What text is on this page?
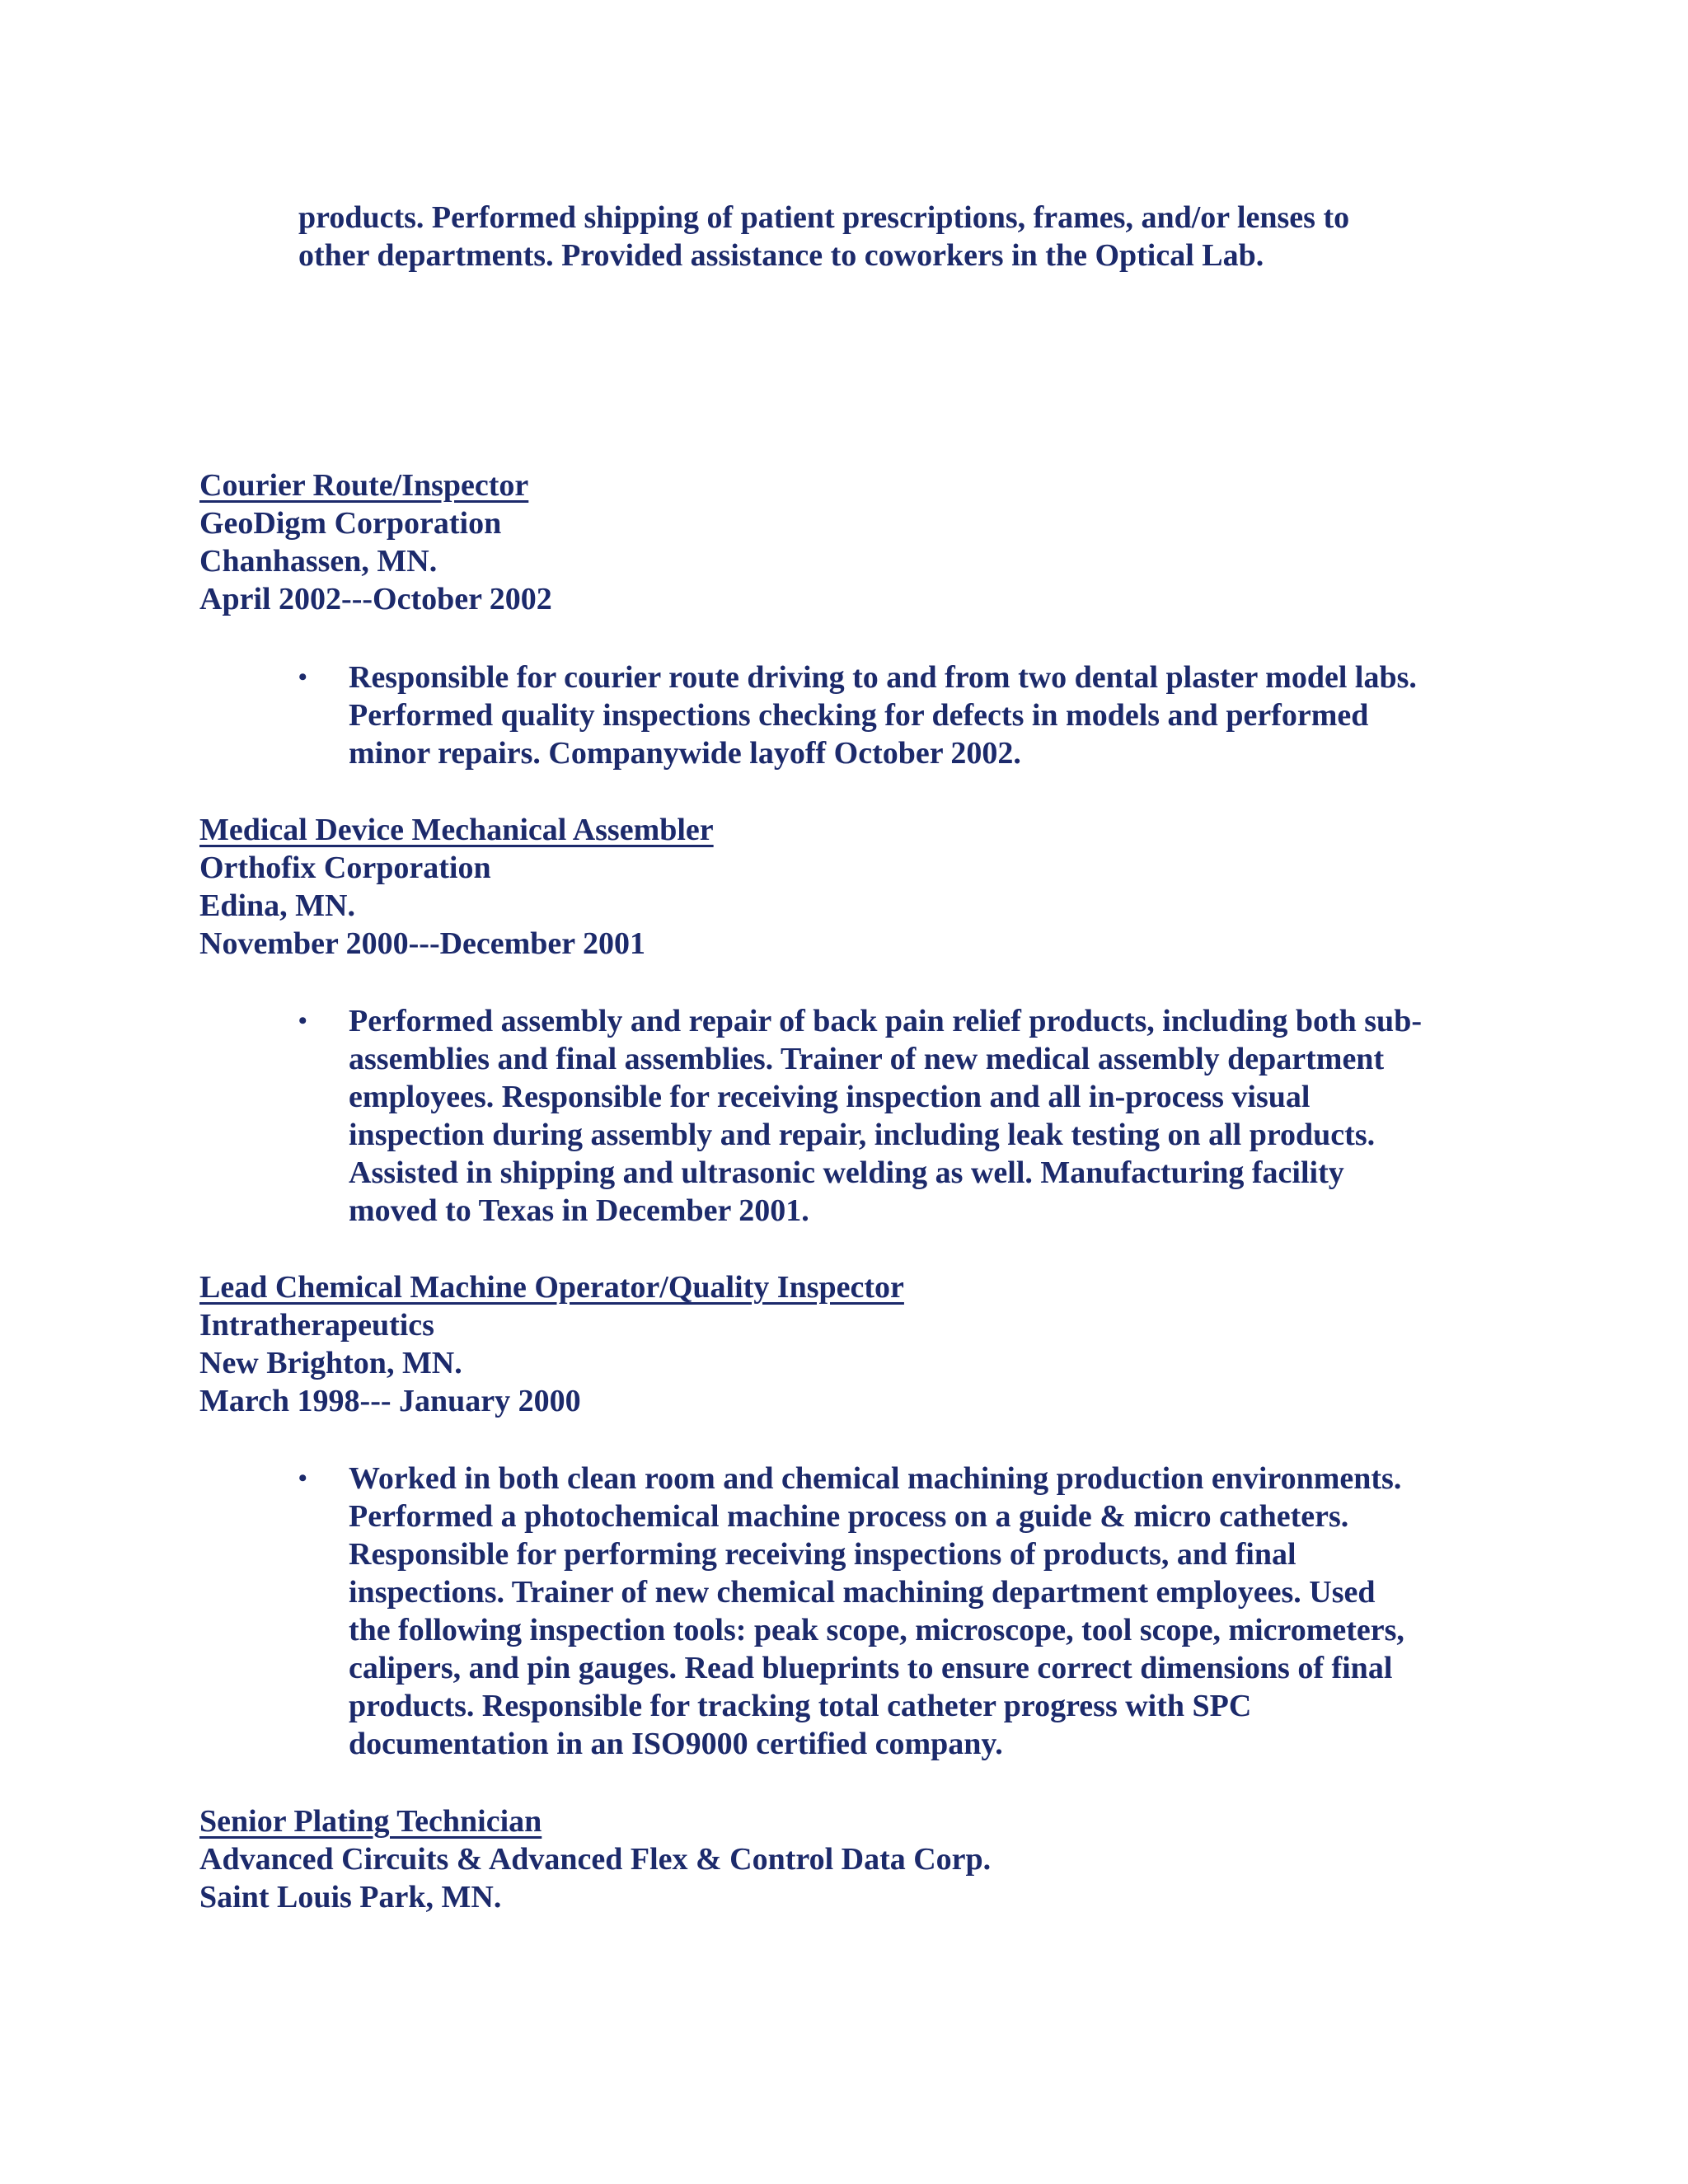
products. Performed shipping of patient prescriptions, frames, and/or lenses to
other departments. Provided assistance to coworkers in the Optical Lab.
Courier Route/Inspector
GeoDigm Corporation
Chanhassen, MN.
April 2002---October 2002
• Responsible for courier route driving to and from two dental plaster model labs.
Performed quality inspections checking for defects in models and performed
minor repairs. Companywide layoff October 2002.
Medical Device Mechanical Assembler
Orthofix Corporation
Edina, MN.
November 2000---December 2001
• Performed assembly and repair of back pain relief products, including both sub-
assemblies and final assemblies. Trainer of new medical assembly department
employees. Responsible for receiving inspection and all in-process visual
inspection during assembly and repair, including leak testing on all products.
Assisted in shipping and ultrasonic welding as well. Manufacturing facility
moved to Texas in December 2001.
Lead Chemical Machine Operator/Quality Inspector
Intratherapeutics
New Brighton, MN.
March 1998--- January 2000
• Worked in both clean room and chemical machining production environments.
Performed a photochemical machine process on a guide & micro catheters.
Responsible for performing receiving inspections of products, and final
inspections. Trainer of new chemical machining department employees. Used
the following inspection tools: peak scope, microscope, tool scope, micrometers,
calipers, and pin gauges. Read blueprints to ensure correct dimensions of final
products. Responsible for tracking total catheter progress with SPC
documentation in an ISO9000 certified company.
Senior Plating Technician
Advanced Circuits & Advanced Flex & Control Data Corp.
Saint Louis Park, MN.
